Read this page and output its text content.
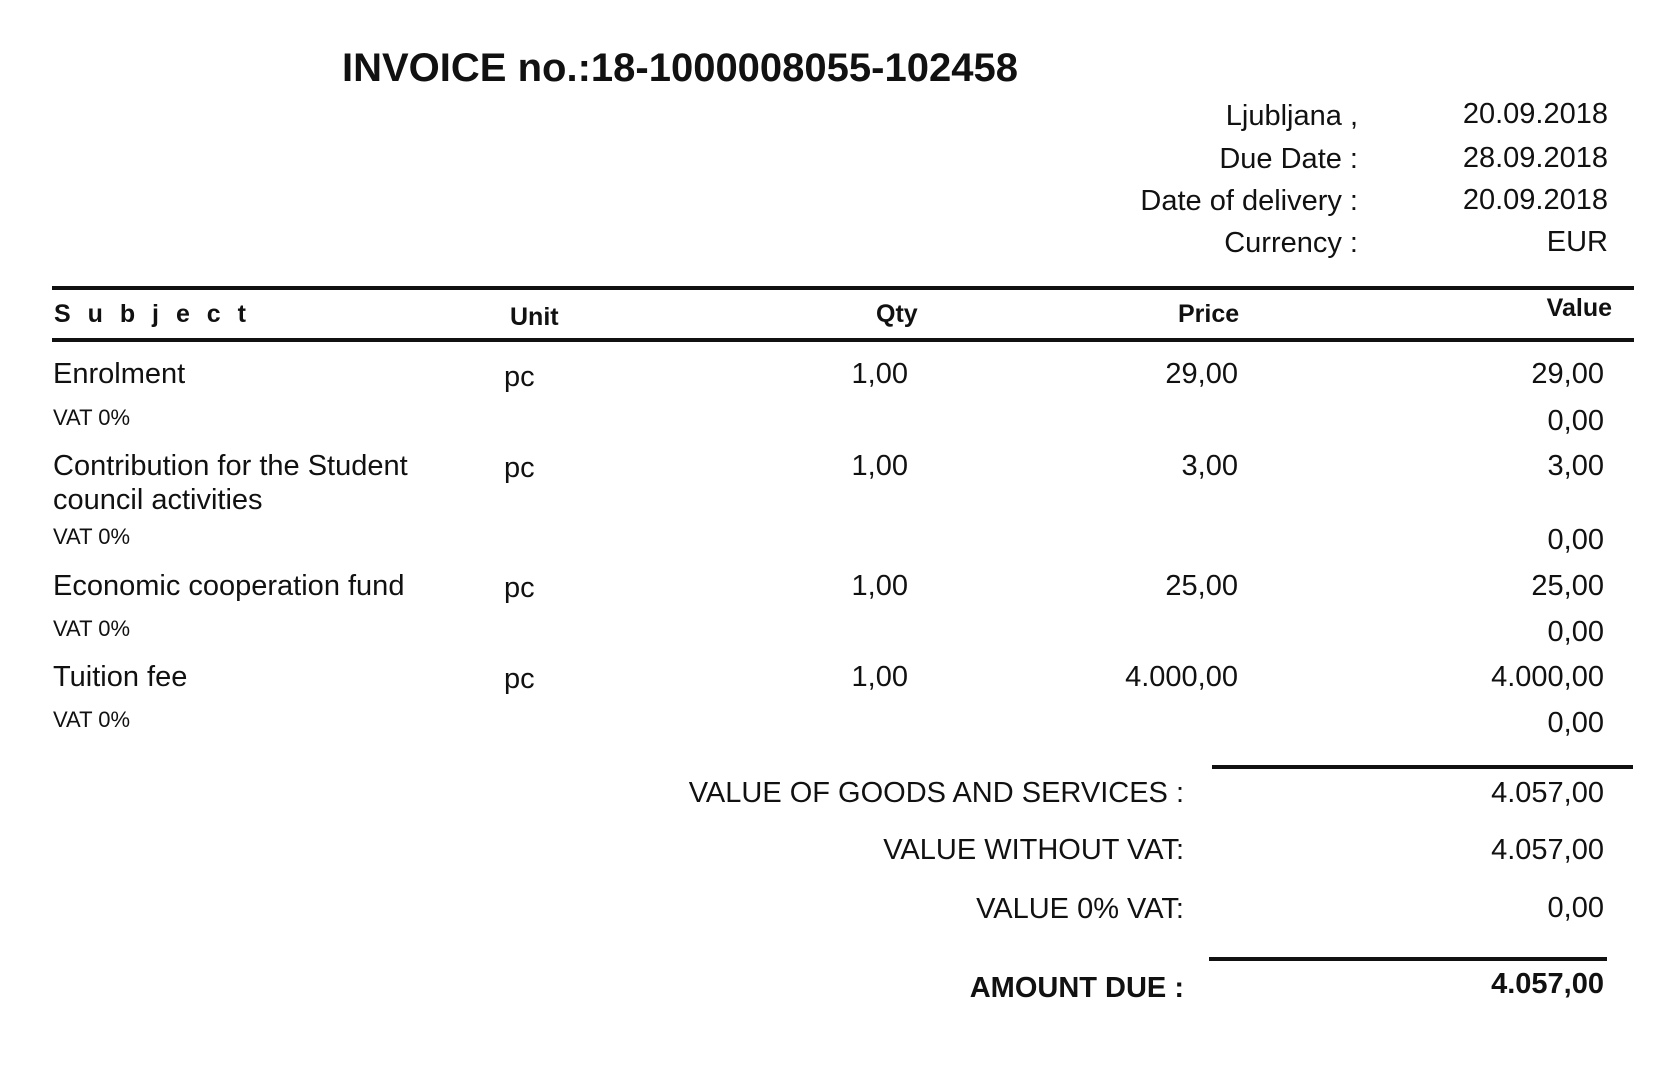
INVOICE no.:18-1000008055-102458
Ljubljana ,	20.09.2018
Due Date :	28.09.2018
Date of delivery :	20.09.2018
Currency :	EUR
S u b j e c t	Unit	Qty	Price	Value
Enrolment	pc	1,00	29,00	29,00
VAT 0%	0,00
Contribution for the Student
council activities
pc	1,00	3,00	3,00
VAT 0%	0,00
Economic cooperation fund	pc	1,00	25,00	25,00
VAT 0%	0,00
Tuition fee	pc	1,00	4.000,00	4.000,00
VAT 0%	0,00
VALUE OF GOODS AND SERVICES :	4.057,00
VALUE WITHOUT VAT:	4.057,00
VALUE 0% VAT:	0,00
AMOUNT DUE :	4.057,00
